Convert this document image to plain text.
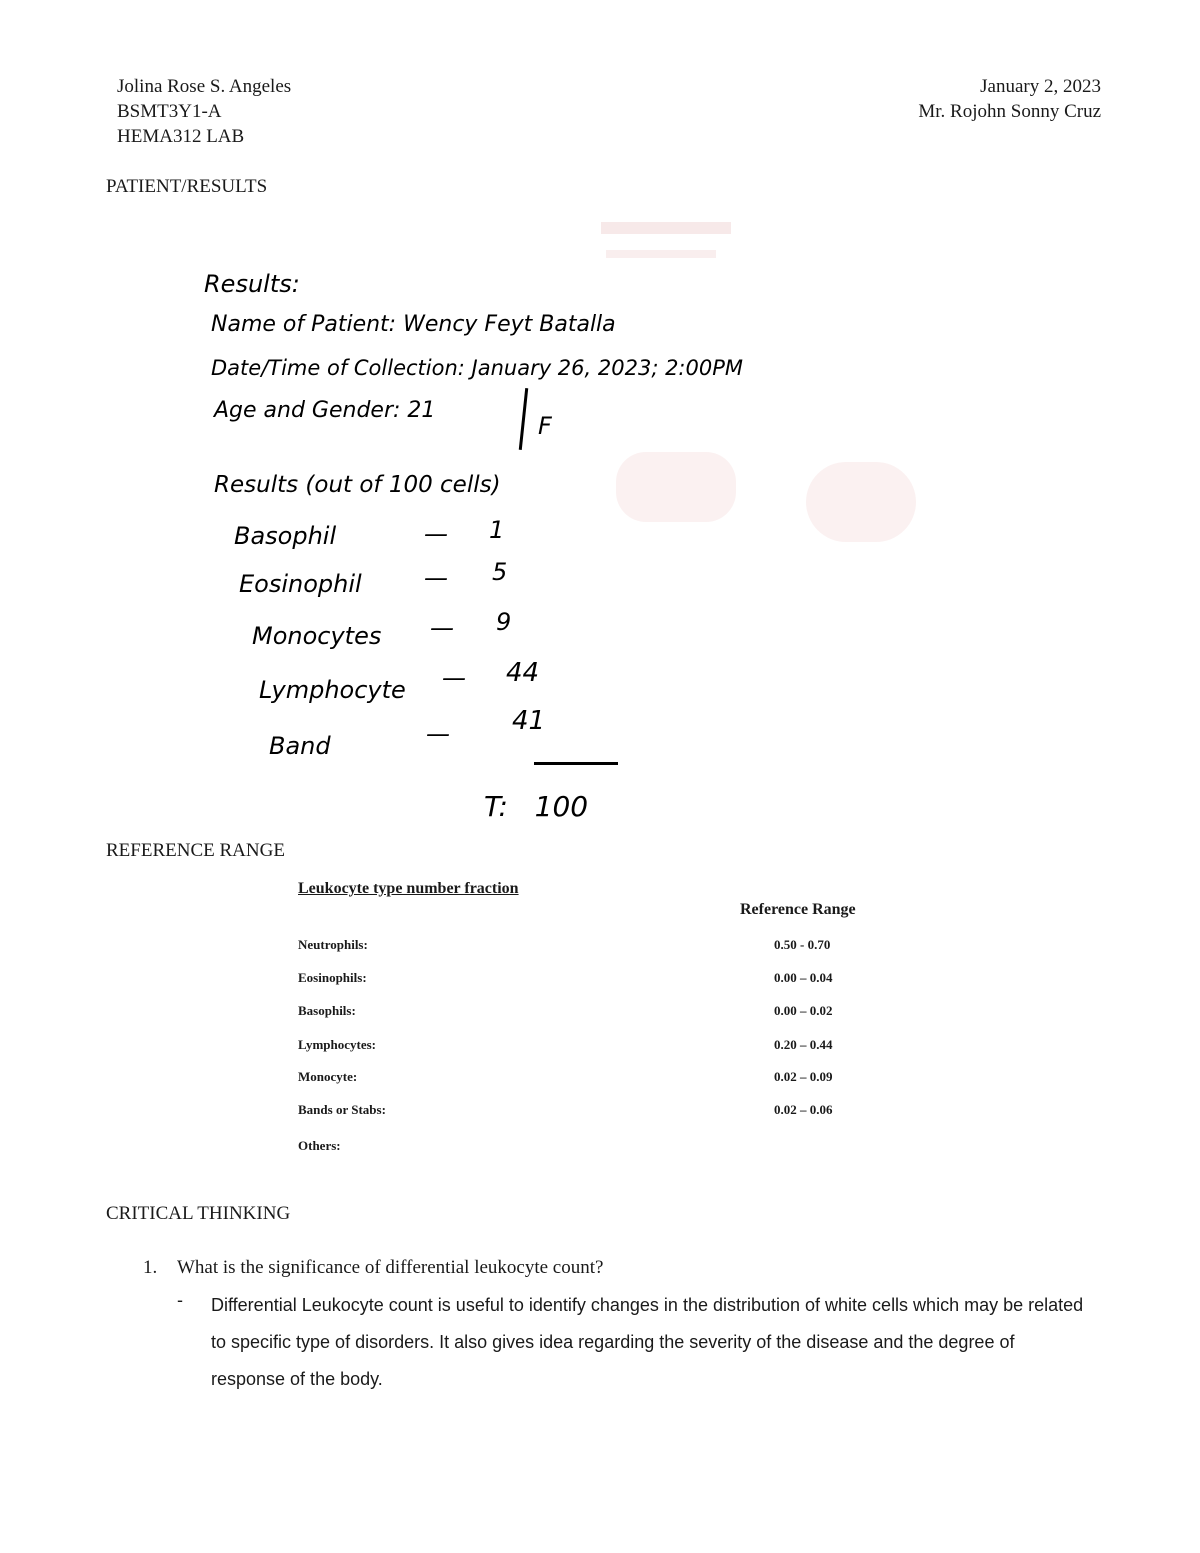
Jolina Rose S. Angeles
BSMT3Y1-A
HEMA312 LAB
January 2, 2023
Mr. Rojohn Sonny Cruz
PATIENT/RESULTS
Results:
Name of Patient: Wency Feyt Batalla
Date/Time of Collection: January 26, 2023; 2:00PM
Age and Gender: 21
F
Results (out of 100 cells)
Basophil	— 1
Eosinophil	— 5
Monocytes — 9
Lymphocyte — 44
Band	— 41
T:   100
REFERENCE RANGE
Leukocyte type number fraction
Reference Range
Neutrophils:	0.50 - 0.70
Eosinophils:	0.00 – 0.04
Basophils:	0.00 – 0.02
Lymphocytes:	0.20 – 0.44
Monocyte:	0.02 – 0.09
Bands or Stabs:	0.02 – 0.06
Others:
CRITICAL THINKING
1. What is the significance of differential leukocyte count?
- Differential Leukocyte count is useful to identify changes in the distribution of white cells which may be related to specific type of disorders. It also gives idea regarding the severity of the disease and the degree of response of the body.
